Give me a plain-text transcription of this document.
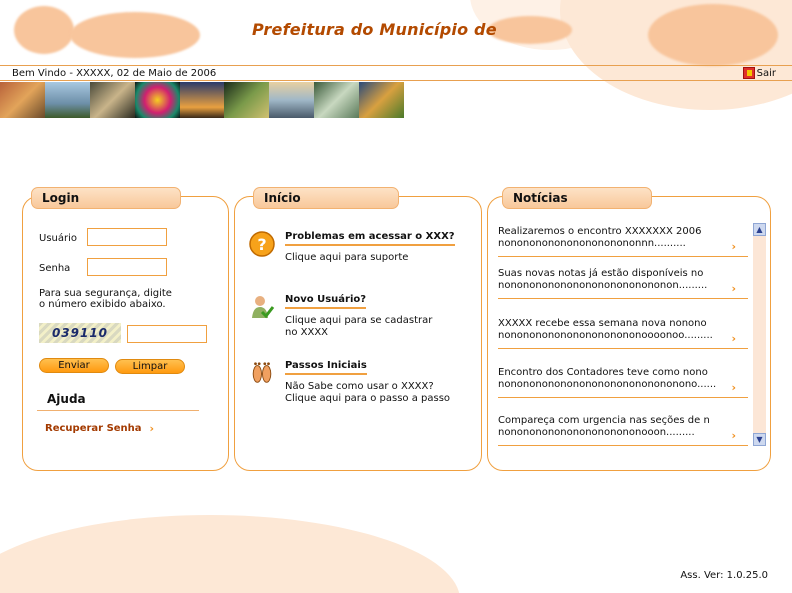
Prefeitura do Município de
Bem Vindo - XXXXX, 02 de Maio de 2006	Sair
Login
Usuário
Senha
Para sua segurança, digite
o número exibido abaixo.
039110
Enviar	Limpar
Ajuda
Recuperar Senha ›
Início
? Problemas em acessar o XXX?
Clique aqui para suporte
Novo Usuário?
Clique aqui para se cadastrar
no XXXX
Passos Iniciais
Não Sabe como usar o XXXX?
Clique aqui para o passo a passo
Notícias
Realizaremos o encontro XXXXXXX 2006
nonononononononononononnn..........	›
Suas novas notas já estão disponíveis no
nonononononononononononononon.........	›
XXXXX recebe essa semana nova nonono
nonononononononononononoooonoo.........	›
Encontro dos Contadores teve como nono
nononononononononononononononono......	›
Compareça com urgencia nas seções de n
nonononononononononononooon.........	›
▲
▼
Ass. Ver: 1.0.25.0
